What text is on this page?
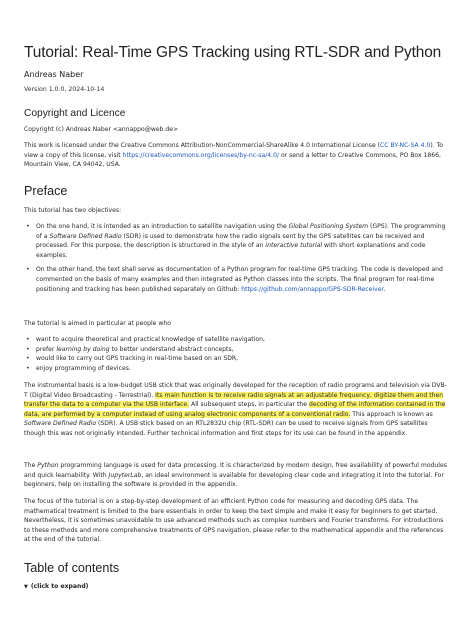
Tutorial: Real-Time GPS Tracking using RTL-SDR and Python
Andreas Naber
Version 1.0.0, 2024-10-14
Copyright and Licence
Copyright (c) Andreas Naber <annappo@web.de>
This work is licensed under the Creative Commons Attribution-NonCommercial-ShareAlike 4.0 International License (CC BY-NC-SA 4.0). To view a copy of this license, visit https://creativecommons.org/licenses/by-nc-sa/4.0/ or send a letter to Creative Commons, PO Box 1866, Mountain View, CA 94042, USA.
Preface
This tutorial has two objectives:
• On the one hand, it is intended as an introduction to satellite navigation using the Global Positioning System (GPS). The programming of a Software Defined Radio (SDR) is used to demonstrate how the radio signals sent by the GPS satellites can be received and processed. For this purpose, the description is structured in the style of an interactive tutorial with short explanations and code examples.
• On the other hand, the text shall serve as documentation of a Python program for real-time GPS tracking. The code is developed and commented on the basis of many examples and then integrated as Python classes into the scripts. The final program for real-time positioning and tracking has been published separately on Github: https://github.com/annappo/GPS-SDR-Receiver.
The tutorial is aimed in particular at people who
• want to acquire theoretical and practical knowledge of satellite navigation,
• prefer learning by doing to better understand abstract concepts,
• would like to carry out GPS tracking in real-time based on an SDR,
• enjoy programming of devices.
The instrumental basis is a low-budget USB stick that was originally developed for the reception of radio programs and television via DVB-T (Digital Video Broadcasting - Terrestrial). Its main function is to receive radio signals at an adjustable frequency, digitize them and then transfer the data to a computer via the USB interface. All subsequent steps, in particular the decoding of the information contained in the data, are performed by a computer instead of using analog electronic components of a conventional radio. This approach is known as Software Defined Radio (SDR). A USB stick based on an RTL2832U chip (RTL-SDR) can be used to receive signals from GPS satellites though this was not originally intended. Further technical information and first steps for its use can be found in the appendix.
The Python programming language is used for data processing. It is characterized by modern design, free availability of powerful modules and quick learnability. With JupyterLab, an ideal environment is available for developing clear code and integrating it into the tutorial. For beginners, help on installing the software is provided in the appendix.
The focus of the tutorial is on a step-by-step development of an efficient Python code for measuring and decoding GPS data. The mathematical treatment is limited to the bare essentials in order to keep the text simple and make it easy for beginners to get started. Nevertheless, it is sometimes unavoidable to use advanced methods such as complex numbers and Fourier transforms. For introductions to these methods and more comprehensive treatments of GPS navigation, please refer to the mathematical appendix and the references at the end of the tutorial.
Table of contents
▼ (click to expand)
